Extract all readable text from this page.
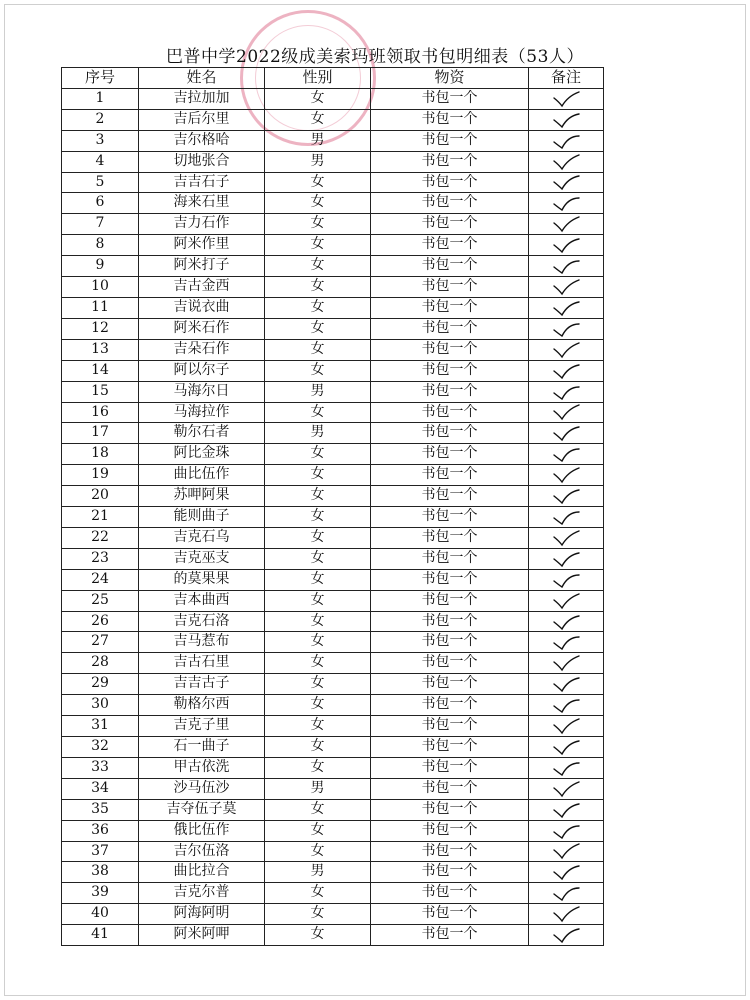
巴普中学2022级成美索玛班领取书包明细表（53人）
序号	姓名	性别	物资	备注
1	吉拉加加	女	书包一个	

2	吉后尔里	女	书包一个	

3	吉尔格哈	男	书包一个	

4	切地张合	男	书包一个	

5	吉吉石子	女	书包一个	

6	海来石里	女	书包一个	

7	吉力石作	女	书包一个	

8	阿米作里	女	书包一个	

9	阿米打子	女	书包一个	

10	吉古金西	女	书包一个	

11	吉说衣曲	女	书包一个	

12	阿米石作	女	书包一个	

13	吉朵石作	女	书包一个	

14	阿以尔子	女	书包一个	

15	马海尔日	男	书包一个	

16	马海拉作	女	书包一个	

17	勒尔石者	男	书包一个	

18	阿比金珠	女	书包一个	

19	曲比伍作	女	书包一个	

20	苏呷阿果	女	书包一个	

21	能则曲子	女	书包一个	

22	吉克石乌	女	书包一个	

23	吉克巫支	女	书包一个	

24	的莫果果	女	书包一个	

25	吉本曲西	女	书包一个	

26	吉克石洛	女	书包一个	

27	吉马惹布	女	书包一个	

28	吉古石里	女	书包一个	

29	吉吉古子	女	书包一个	

30	勒格尔西	女	书包一个	

31	吉克子里	女	书包一个	

32	石一曲子	女	书包一个	

33	甲古依洗	女	书包一个	

34	沙马伍沙	男	书包一个	

35	吉夺伍子莫	女	书包一个	

36	俄比伍作	女	书包一个	

37	吉尔伍洛	女	书包一个	

38	曲比拉合	男	书包一个	

39	吉克尔普	女	书包一个	

40	阿海阿明	女	书包一个	

41	阿米阿呷	女	书包一个	
